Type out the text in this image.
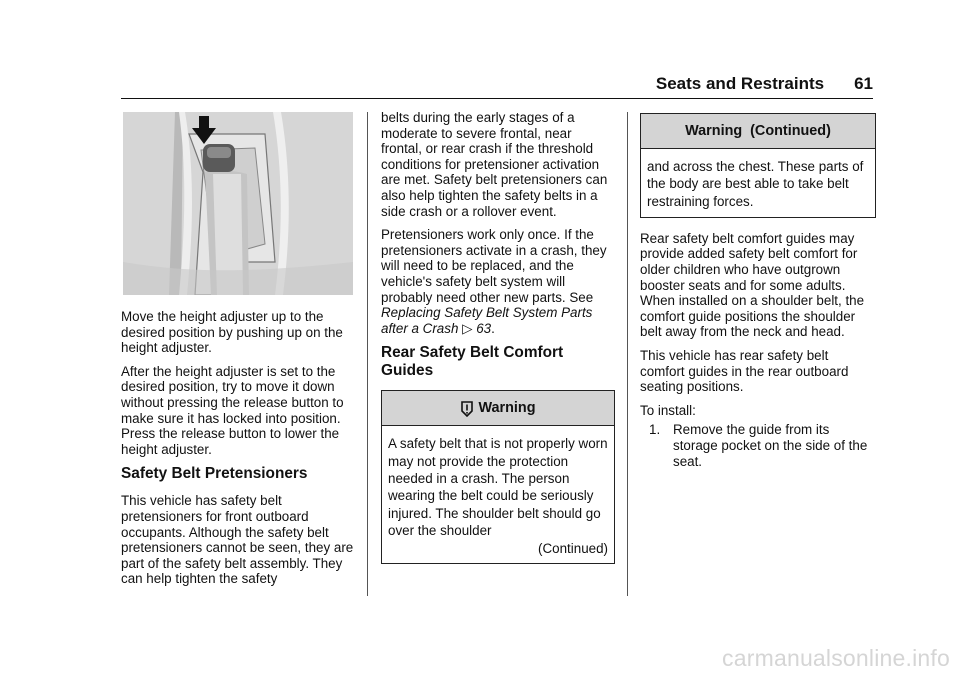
Seats and Restraints 61

Move the height adjuster up to the desired position by pushing up on the height adjuster.

After the height adjuster is set to the desired position, try to move it down without pressing the release button to make sure it has locked into position. Press the release button to lower the height adjuster.

Safety Belt Pretensioners

This vehicle has safety belt pretensioners for front outboard occupants. Although the safety belt pretensioners cannot be seen, they are part of the safety belt assembly. They can help tighten the safety

belts during the early stages of a moderate to severe frontal, near frontal, or rear crash if the threshold conditions for pretensioner activation are met. Safety belt pretensioners can also help tighten the safety belts in a side crash or a rollover event.

Pretensioners work only once. If the pretensioners activate in a crash, they will need to be replaced, and the vehicle's safety belt system will probably need other new parts. See Replacing Safety Belt System Parts after a Crash ▷ 63.

Rear Safety Belt Comfort Guides
Warning
A safety belt that is not properly worn may not provide the protection needed in a crash. The person wearing the belt could be seriously injured. The shoulder belt should go over the shoulder
(Continued)
Warning  (Continued)
and across the chest. These parts of the body are best able to take belt restraining forces.

Rear safety belt comfort guides may provide added safety belt comfort for older children who have outgrown booster seats and for some adults. When installed on a shoulder belt, the comfort guide positions the shoulder belt away from the neck and head.

This vehicle has rear safety belt comfort guides in the rear outboard seating positions.

To install:

1. Remove the guide from its storage pocket on the side of the seat.
carmanualsonline.info
